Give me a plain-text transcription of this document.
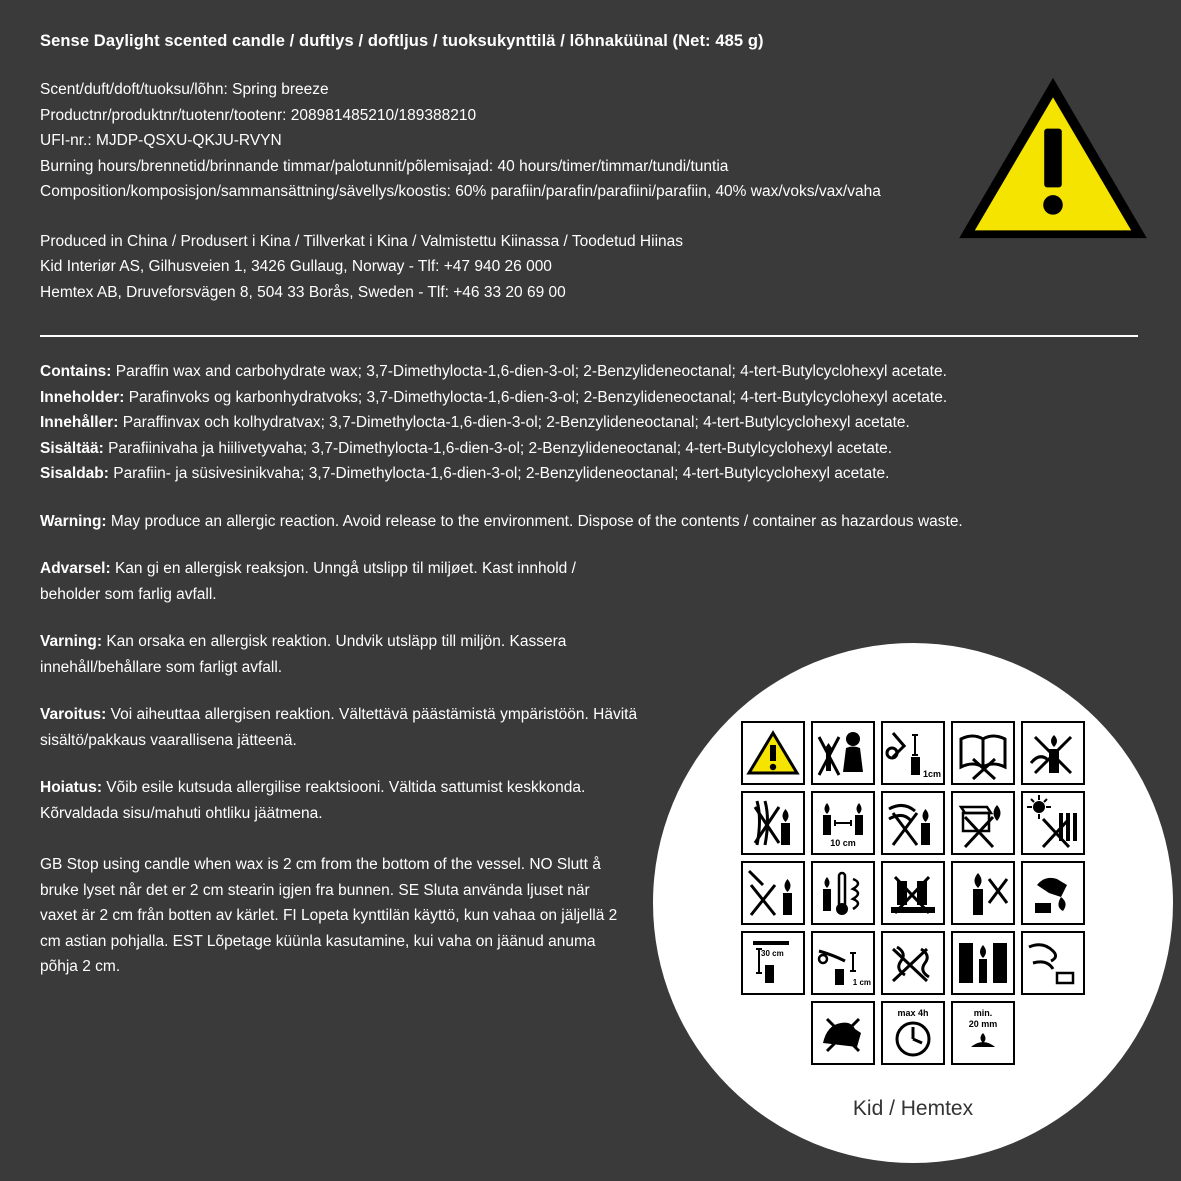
Sense Daylight scented candle / duftlys / doftljus / tuoksukynttilä / lõhnaküünal (Net: 485 g)
Scent/duft/doft/tuoksu/lõhn: Spring breeze
Productnr/produktnr/tuotenr/tootenr: 208981485210/189388210
UFI-nr.: MJDP-QSXU-QKJU-RVYN
Burning hours/brennetid/brinnande timmar/palotunnit/põlemisajad: 40 hours/timer/timmar/tundi/tuntia
Composition/komposisjon/sammansättning/sävellys/koostis: 60% parafiin/parafin/parafiini/parafiin, 40% wax/voks/vax/vaha
Produced in China / Produsert i Kina / Tillverkat i Kina / Valmistettu Kiinassa / Toodetud Hiinas
Kid Interiør AS, Gilhusveien 1, 3426 Gullaug, Norway - Tlf: +47 940 26 000
Hemtex AB, Druveforsvägen 8, 504 33 Borås, Sweden - Tlf: +46 33 20 69 00
Contains: Paraffin wax and carbohydrate wax; 3,7-Dimethylocta-1,6-dien-3-ol; 2-Benzylideneoctanal; 4-tert-Butylcyclohexyl acetate.
Inneholder: Parafinvoks og karbonhydratvoks; 3,7-Dimethylocta-1,6-dien-3-ol; 2-Benzylideneoctanal; 4-tert-Butylcyclohexyl acetate.
Innehåller: Paraffinvax och kolhydratvax; 3,7-Dimethylocta-1,6-dien-3-ol; 2-Benzylideneoctanal; 4-tert-Butylcyclohexyl acetate.
Sisältää: Parafiinivaha ja hiilivetyvaha; 3,7-Dimethylocta-1,6-dien-3-ol; 2-Benzylideneoctanal; 4-tert-Butylcyclohexyl acetate.
Sisaldab: Parafiin- ja süsivesinikvaha; 3,7-Dimethylocta-1,6-dien-3-ol; 2-Benzylideneoctanal; 4-tert-Butylcyclohexyl acetate.
Warning: May produce an allergic reaction. Avoid release to the environment. Dispose of the contents / container as hazardous waste.
Advarsel: Kan gi en allergisk reaksjon. Unngå utslipp til miljøet. Kast innhold / beholder som farlig avfall.
Varning: Kan orsaka en allergisk reaktion. Undvik utsläpp till miljön. Kassera innehåll/behållare som farligt avfall.
Varoitus: Voi aiheuttaa allergisen reaktion. Vältettävä päästämistä ympäristöön. Hävitä sisältö/pakkaus vaarallisena jätteenä.
Hoiatus: Võib esile kutsuda allergilise reaktsiooni. Vältida sattumist keskkonda. Kõrvaldada sisu/mahuti ohtliku jäätmena.
GB Stop using candle when wax is 2 cm from the bottom of the vessel. NO Slutt å bruke lyset når det er 2 cm stearin igjen fra bunnen. SE Sluta använda ljuset när vaxet är 2 cm från botten av kärlet. FI Lopeta kynttilän käyttö, kun vahaa on jäljellä 2 cm astian pohjalla. EST Lõpetage küünla kasutamine, kui vaha on jäänud anuma põhja 2 cm.
1cm
10 cm
30 cm
1 cm
max 4h	min.
20 mm
Kid / Hemtex
